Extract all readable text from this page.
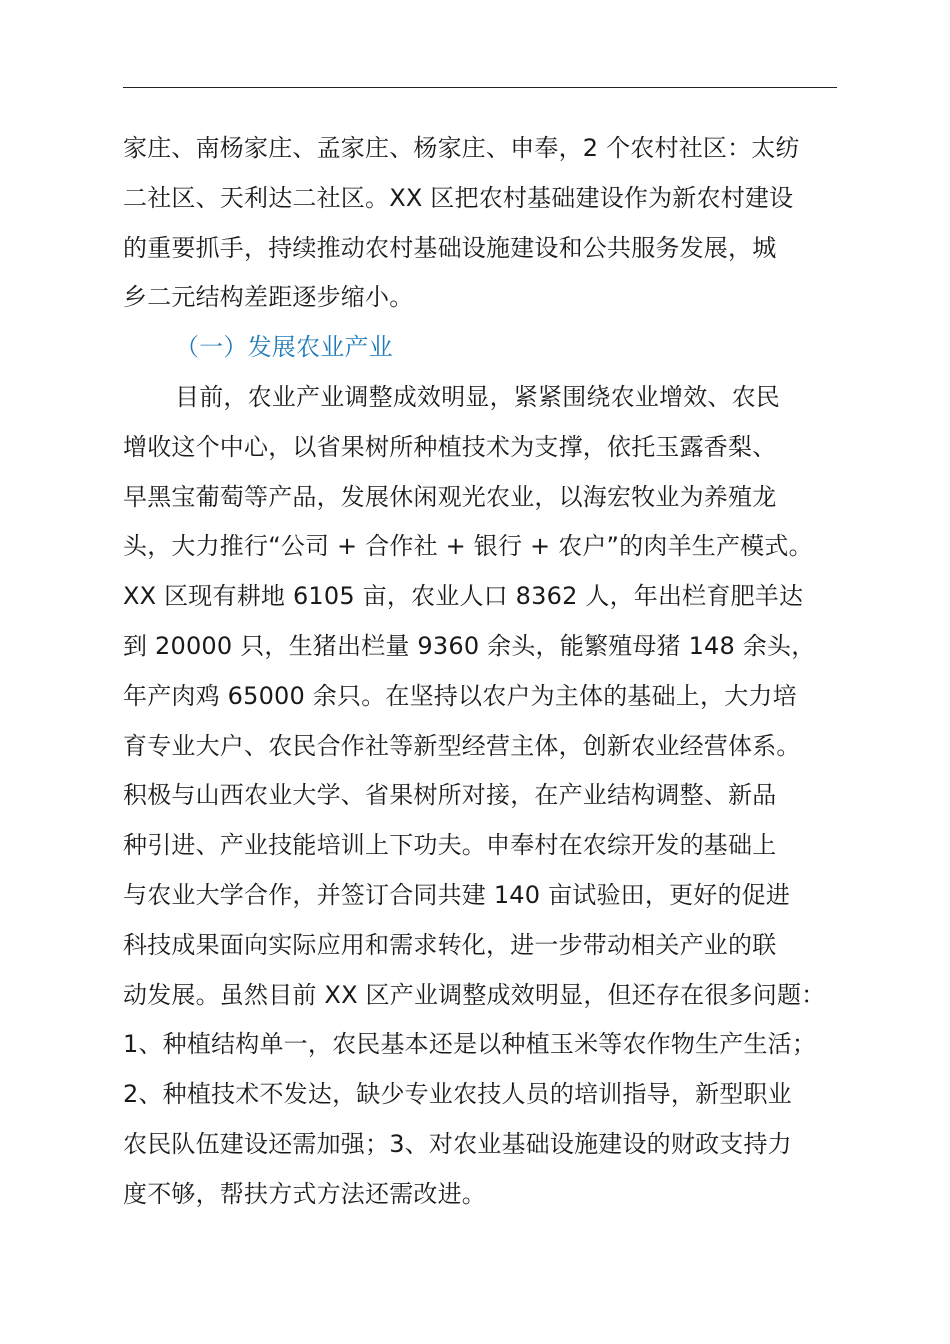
家庄、南杨家庄、孟家庄、杨家庄、申奉，2 个农村社区：太纺
二社区、天利达二社区。XX 区把农村基础建设作为新农村建设
的重要抓手，持续推动农村基础设施建设和公共服务发展，城
乡二元结构差距逐步缩小。
（一）发展农业产业
目前，农业产业调整成效明显，紧紧围绕农业增效、农民
增收这个中心，以省果树所种植技术为支撑，依托玉露香梨、
早黑宝葡萄等产品，发展休闲观光农业，以海宏牧业为养殖龙
头，大力推行“公司 + 合作社 + 银行 + 农户”的肉羊生产模式。
XX 区现有耕地 6105 亩，农业人口 8362 人，年出栏育肥羊达
到 20000 只，生猪出栏量 9360 余头，能繁殖母猪 148 余头，
年产肉鸡 65000 余只。在坚持以农户为主体的基础上，大力培
育专业大户、农民合作社等新型经营主体，创新农业经营体系。
积极与山西农业大学、省果树所对接，在产业结构调整、新品
种引进、产业技能培训上下功夫。申奉村在农综开发的基础上
与农业大学合作，并签订合同共建 140 亩试验田，更好的促进
科技成果面向实际应用和需求转化，进一步带动相关产业的联
动发展。虽然目前 XX 区产业调整成效明显，但还存在很多问题：
1、种植结构单一，农民基本还是以种植玉米等农作物生产生活；
2、种植技术不发达，缺少专业农技人员的培训指导，新型职业
农民队伍建设还需加强；3、对农业基础设施建设的财政支持力
度不够，帮扶方式方法还需改进。
